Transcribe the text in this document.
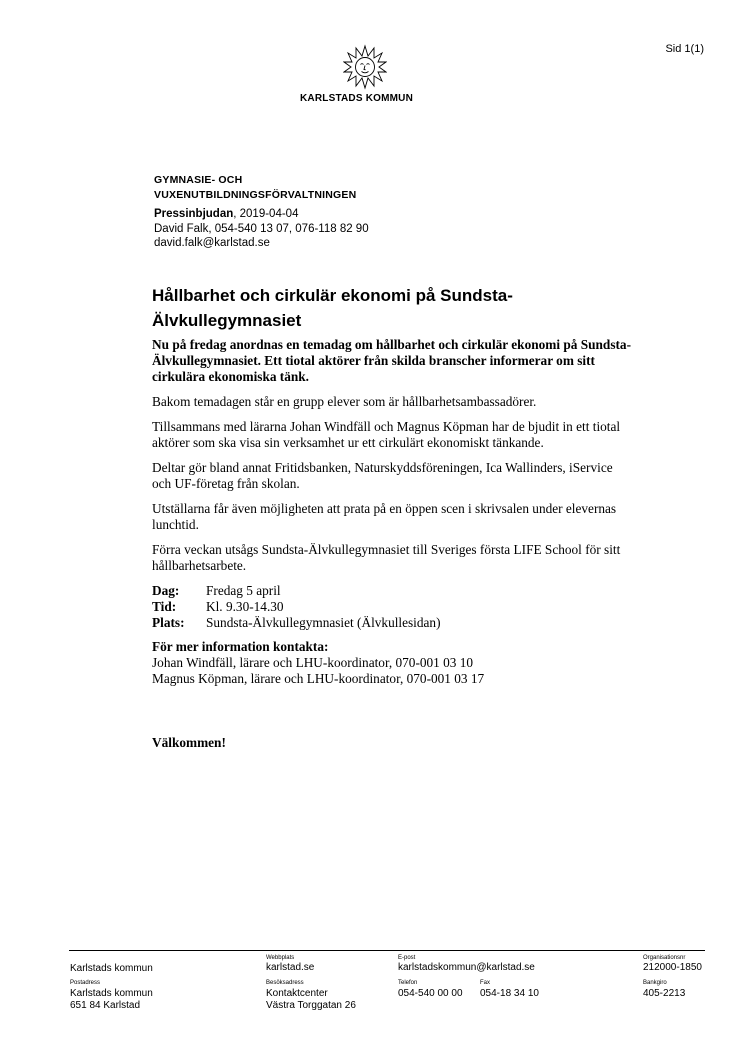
Sid 1(1)
KARLSTADS KOMMUN
GYMNASIE- OCH
VUXENUTBILDNINGSFÖRVALTNINGEN
Pressinbjudan, 2019-04-04
David Falk, 054-540 13 07, 076-118 82 90
david.falk@karlstad.se
Hållbarhet och cirkulär ekonomi på Sundsta-Älvkullegymnasiet

Nu på fredag anordnas en temadag om hållbarhet och cirkulär ekonomi på Sundsta-Älvkullegymnasiet. Ett tiotal aktörer från skilda branscher informerar om sitt cirkulära ekonomiska tänk.

Bakom temadagen står en grupp elever som är hållbarhetsambassadörer.

Tillsammans med lärarna Johan Windfäll och Magnus Köpman har de bjudit in ett tiotal aktörer som ska visa sin verksamhet ur ett cirkulärt ekonomiskt tänkande.

Deltar gör bland annat Fritidsbanken, Naturskyddsföreningen, Ica Wallinders, iService och UF-företag från skolan.

Utställarna får även möjligheten att prata på en öppen scen i skrivsalen under elevernas lunchtid.

Förra veckan utsågs Sundsta-Älvkullegymnasiet till Sveriges första LIFE School för sitt hållbarhetsarbete.

Dag:	Fredag 5 april
Tid:	Kl. 9.30-14.30
Plats:	Sundsta-Älvkullegymnasiet (Älvkullesidan)
För mer information kontakta:
Johan Windfäll, lärare och LHU-koordinator, 070-001 03 10
Magnus Köpman, lärare och LHU-koordinator, 070-001 03 17
Välkommen!
Karlstads kommun
Webbplats
karlstad.se
E-post
karlstadskommun@karlstad.se
Organisationsnr
212000-1850
Postadress
Karlstads kommun
651 84 Karlstad
Besöksadress
Kontaktcenter
Västra Torggatan 26
Telefon
054-540 00 00
Fax
054-18 34 10
Bankgiro
405-2213
